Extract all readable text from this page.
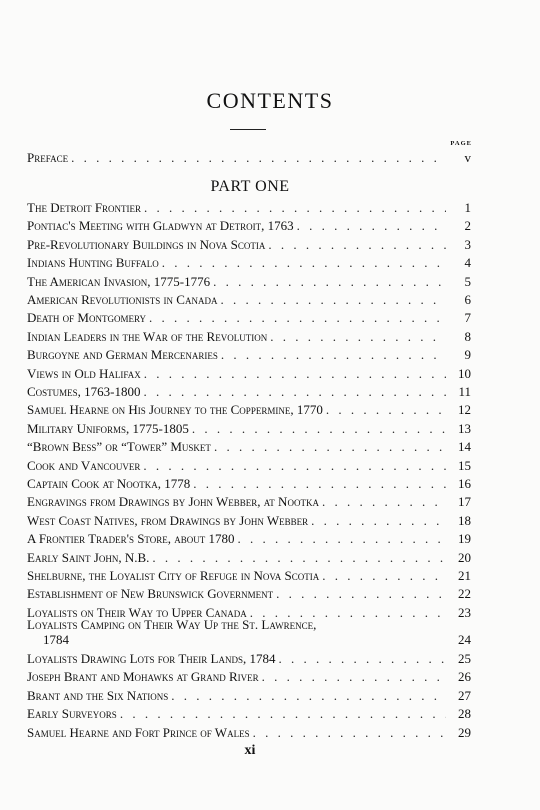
CONTENTS
PAGE
Preface . . .	v
PART ONE
The Detroit Frontier . . .	1
Pontiac's Meeting with Gladwyn at Detroit, 1763 . . .	2
Pre-Revolutionary Buildings in Nova Scotia . . .	3
Indians Hunting Buffalo . . .	4
The American Invasion, 1775-1776 . . .	5
American Revolutionists in Canada . . .	6
Death of Montgomery . . .	7
Indian Leaders in the War of the Revolution . . .	8
Burgoyne and German Mercenaries . . .	9
Views in Old Halifax . . .	10
Costumes, 1763-1800 . . .	11
Samuel Hearne on His Journey to the Coppermine, 1770 . . .	12
Military Uniforms, 1775-1805 . . .	13
“Brown Bess” or “Tower” Musket . . .	14
Cook and Vancouver . . .	15
Captain Cook at Nootka, 1778 . . .	16
Engravings from Drawings by John Webber, at Nootka . . .	17
West Coast Natives, from Drawings by John Webber . . .	18
A Frontier Trader's Store, about 1780 . . .	19
Early Saint John, N.B. . . .	20
Shelburne, the Loyalist City of Refuge in Nova Scotia . . .	21
Establishment of New Brunswick Government . . .	22
Loyalists on Their Way to Upper Canada . . .	23
Loyalists Camping on Their Way Up the St. Lawrence,
1784	24
Loyalists Drawing Lots for Their Lands, 1784 . . .	25
Joseph Brant and Mohawks at Grand River . . .	26
Brant and the Six Nations . . .	27
Early Surveyors . . .	28
Samuel Hearne and Fort Prince of Wales . . .	29
xi
